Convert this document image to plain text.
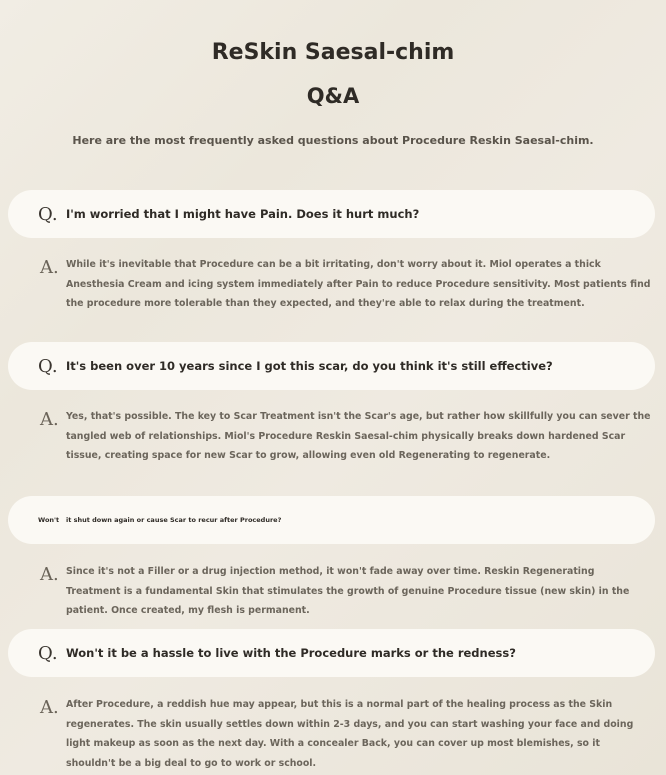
ReSkin Saesal-chim
Q&A
Here are the most frequently asked questions about Procedure Reskin Saesal-chim.
Q. I'm worried that I might have Pain. Does it hurt much?
A. While it's inevitable that Procedure can be a bit irritating, don't worry about it. Miol operates a thick Anesthesia Cream and icing system immediately after Pain to reduce Procedure sensitivity. Most patients find the procedure more tolerable than they expected, and they're able to relax during the treatment.
Q. It's been over 10 years since I got this scar, do you think it's still effective?
A. Yes, that's possible. The key to Scar Treatment isn't the Scar's age, but rather how skillfully you can sever the tangled web of relationships. Miol's Procedure Reskin Saesal-chim physically breaks down hardened Scar tissue, creating space for new Scar to grow, allowing even old Regenerating to regenerate.
Won't	it shut down again or cause Scar to recur after Procedure?
A. Since it's not a Filler or a drug injection method, it won't fade away over time. Reskin Regenerating Treatment is a fundamental Skin that stimulates the growth of genuine Procedure tissue (new skin) in the patient. Once created, my flesh is permanent.
Q. Won't it be a hassle to live with the Procedure marks or the redness?
A. After Procedure, a reddish hue may appear, but this is a normal part of the healing process as the Skin regenerates. The skin usually settles down within 2-3 days, and you can start washing your face and doing light makeup as soon as the next day. With a concealer Back, you can cover up most blemishes, so it shouldn't be a big deal to go to work or school.
